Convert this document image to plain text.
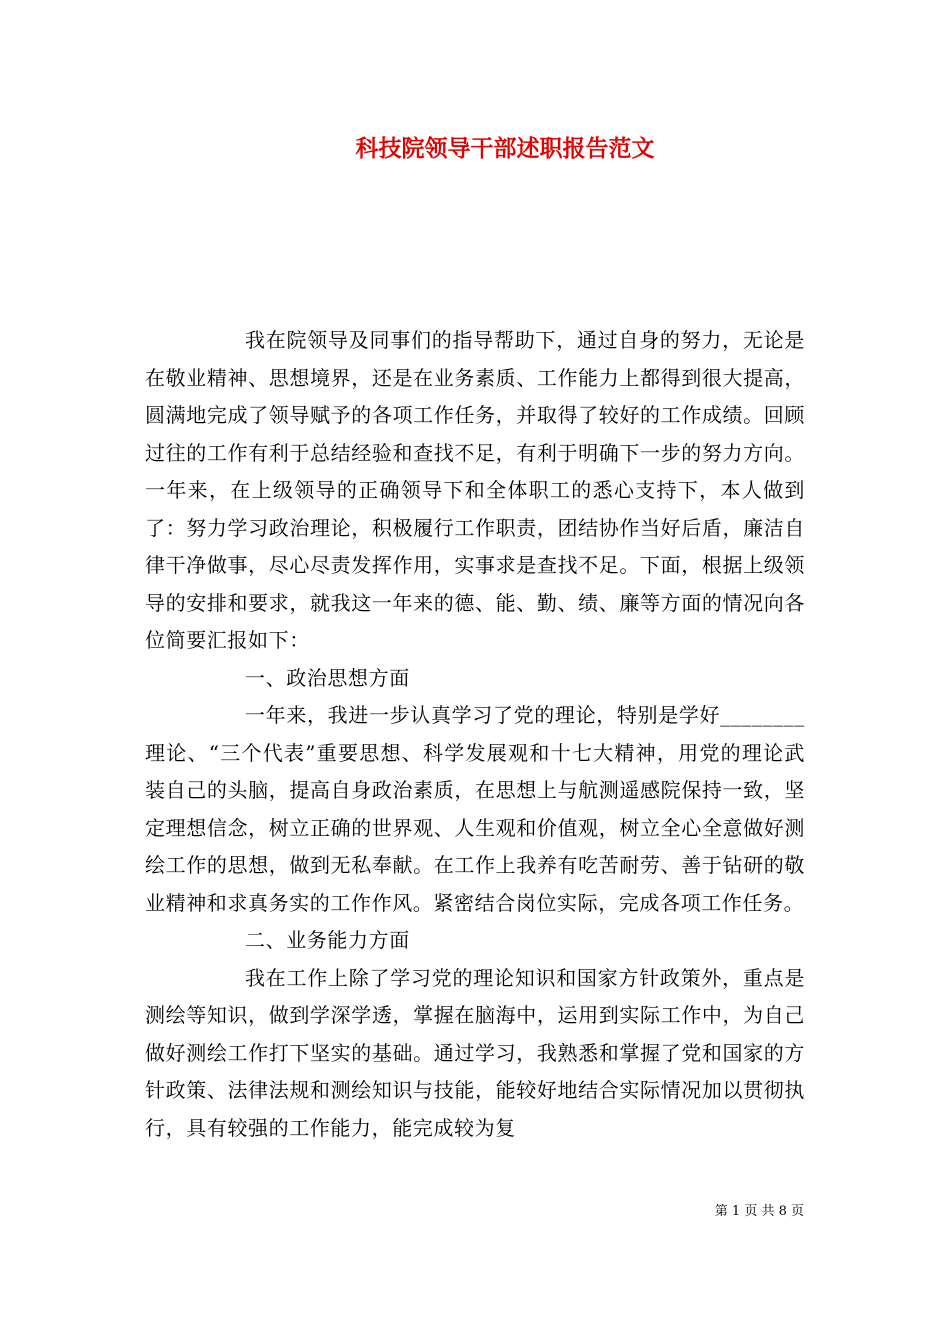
科技院领导干部述职报告范文

我在院领导及同事们的指导帮助下，通过自身的努力，无论是在敬业精神、思想境界，还是在业务素质、工作能力上都得到很大提高，圆满地完成了领导赋予的各项工作任务，并取得了较好的工作成绩。回顾过往的工作有利于总结经验和查找不足，有利于明确下一步的努力方向。一年来，在上级领导的正确领导下和全体职工的悉心支持下，本人做到了：努力学习政治理论，积极履行工作职责，团结协作当好后盾，廉洁自律干净做事，尽心尽责发挥作用，实事求是查找不足。下面，根据上级领导的安排和要求，就我这一年来的德、能、勤、绩、廉等方面的情况向各位简要汇报如下：

一、政治思想方面

一年来，我进一步认真学习了党的理论，特别是学好________理论、“三个代表”重要思想、科学发展观和十七大精神，用党的理论武装自己的头脑，提高自身政治素质，在思想上与航测遥感院保持一致，坚定理想信念，树立正确的世界观、人生观和价值观，树立全心全意做好测绘工作的思想，做到无私奉献。在工作上我养有吃苦耐劳、善于钻研的敬业精神和求真务实的工作作风。紧密结合岗位实际，完成各项工作任务。

二、业务能力方面

我在工作上除了学习党的理论知识和国家方针政策外，重点是测绘等知识，做到学深学透，掌握在脑海中，运用到实际工作中，为自己做好测绘工作打下坚实的基础。通过学习，我熟悉和掌握了党和国家的方针政策、法律法规和测绘知识与技能，能较好地结合实际情况加以贯彻执行，具有较强的工作能力，能完成较为复

第 1 页 共 8 页
